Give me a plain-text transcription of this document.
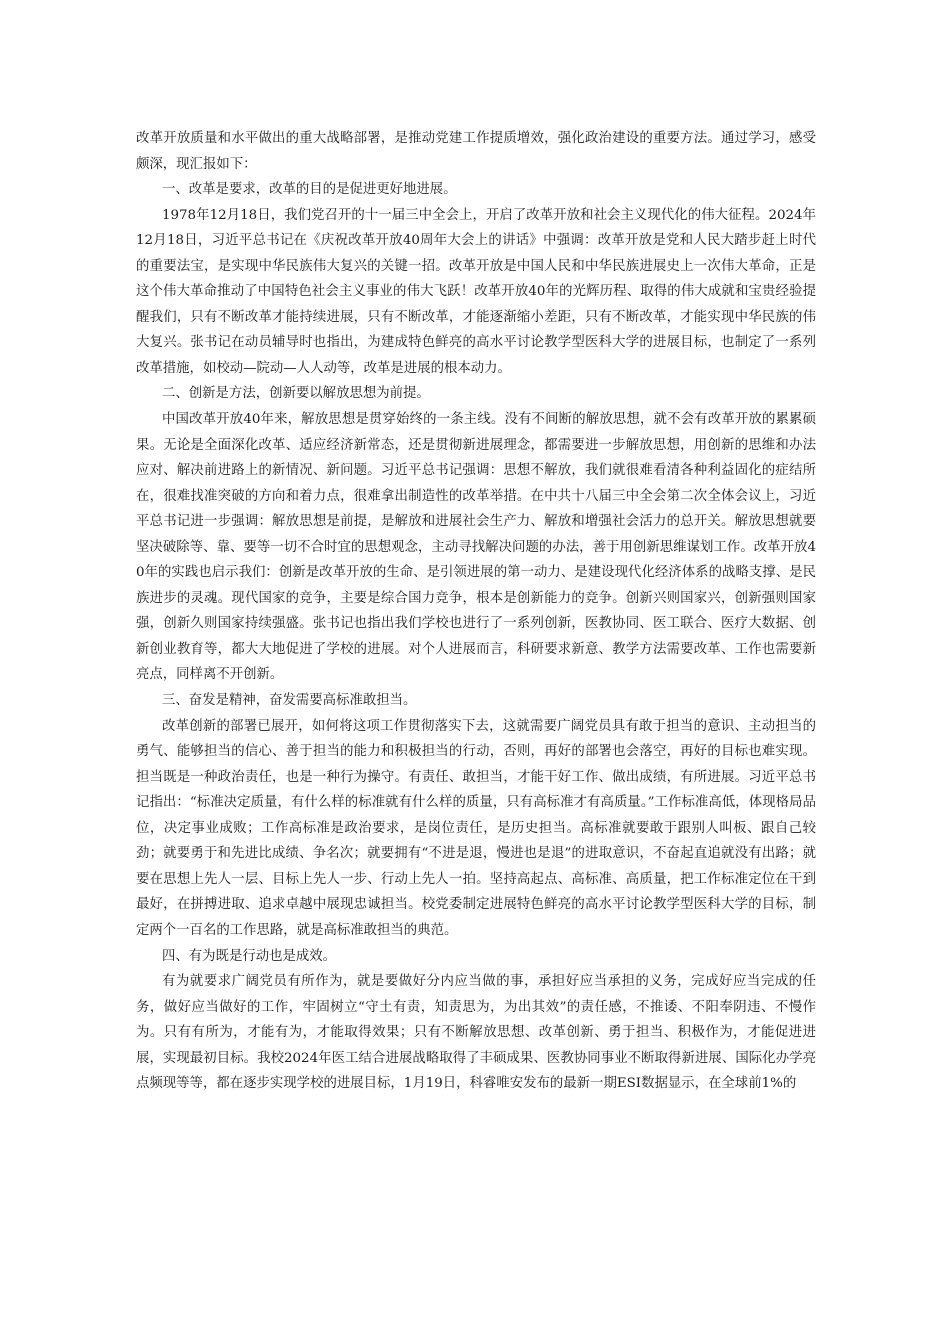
改革开放质量和水平做出的重大战略部署，是推动党建工作提质增效，强化政治建设的重要方法。通过学习，感受颇深，现汇报如下：

一、改革是要求，改革的目的是促进更好地进展。

1978年12月18日，我们党召开的十一届三中全会上，开启了改革开放和社会主义现代化的伟大征程。2024年12月18日，习近平总书记在《庆祝改革开放40周年大会上的讲话》中强调：改革开放是党和人民大踏步赶上时代的重要法宝，是实现中华民族伟大复兴的关键一招。改革开放是中国人民和中华民族进展史上一次伟大革命，正是这个伟大革命推动了中国特色社会主义事业的伟大飞跃！改革开放40年的光辉历程、取得的伟大成就和宝贵经验提醒我们，只有不断改革才能持续进展，只有不断改革，才能逐渐缩小差距，只有不断改革，才能实现中华民族的伟大复兴。张书记在动员辅导时也指出，为建成特色鲜亮的高水平讨论教学型医科大学的进展目标，也制定了一系列改革措施，如校动—院动—人人动等，改革是进展的根本动力。

二、创新是方法，创新要以解放思想为前提。

中国改革开放40年来，解放思想是贯穿始终的一条主线。没有不间断的解放思想，就不会有改革开放的累累硕果。无论是全面深化改革、适应经济新常态，还是贯彻新进展理念，都需要进一步解放思想，用创新的思维和办法应对、解决前进路上的新情况、新问题。习近平总书记强调：思想不解放，我们就很难看清各种利益固化的症结所在，很难找准突破的方向和着力点，很难拿出制造性的改革举措。在中共十八届三中全会第二次全体会议上，习近平总书记进一步强调：解放思想是前提，是解放和进展社会生产力、解放和增强社会活力的总开关。解放思想就要坚决破除等、靠、要等一切不合时宜的思想观念，主动寻找解决问题的办法，善于用创新思维谋划工作。改革开放40年的实践也启示我们：创新是改革开放的生命、是引领进展的第一动力、是建设现代化经济体系的战略支撑、是民族进步的灵魂。现代国家的竞争，主要是综合国力竞争，根本是创新能力的竞争。创新兴则国家兴，创新强则国家强，创新久则国家持续强盛。张书记也指出我们学校也进行了一系列创新，医教协同、医工联合、医疗大数据、创新创业教育等，都大大地促进了学校的进展。对个人进展而言，科研要求新意、教学方法需要改革、工作也需要新亮点，同样离不开创新。

三、奋发是精神，奋发需要高标准敢担当。

改革创新的部署已展开，如何将这项工作贯彻落实下去，这就需要广阔党员具有敢于担当的意识、主动担当的勇气、能够担当的信心、善于担当的能力和积极担当的行动，否则，再好的部署也会落空，再好的目标也难实现。担当既是一种政治责任，也是一种行为操守。有责任、敢担当，才能干好工作、做出成绩，有所进展。习近平总书记指出：“标准决定质量，有什么样的标准就有什么样的质量，只有高标准才有高质量。”工作标准高低，体现格局品位，决定事业成败；工作高标准是政治要求，是岗位责任，是历史担当。高标准就要敢于跟别人叫板、跟自己较劲；就要勇于和先进比成绩、争名次；就要拥有“不进是退，慢进也是退”的进取意识，不奋起直追就没有出路；就要在思想上先人一层、目标上先人一步、行动上先人一拍。坚持高起点、高标准、高质量，把工作标准定位在干到最好，在拼搏进取、追求卓越中展现忠诚担当。校党委制定进展特色鲜亮的高水平讨论教学型医科大学的目标，制定两个一百名的工作思路，就是高标准敢担当的典范。

四、有为既是行动也是成效。

有为就要求广阔党员有所作为，就是要做好分内应当做的事，承担好应当承担的义务，完成好应当完成的任务，做好应当做好的工作，牢固树立“守土有责，知责思为，为出其效”的责任感，不推诿、不阳奉阴违、不慢作为。只有有所为，才能有为，才能取得效果；只有不断解放思想、改革创新、勇于担当、积极作为，才能促进进展，实现最初目标。我校2024年医工结合进展战略取得了丰硕成果、医教协同事业不断取得新进展、国际化办学亮点频现等等，都在逐步实现学校的进展目标，1月19日，科睿唯安发布的最新一期ESI数据显示，在全球前1%的
